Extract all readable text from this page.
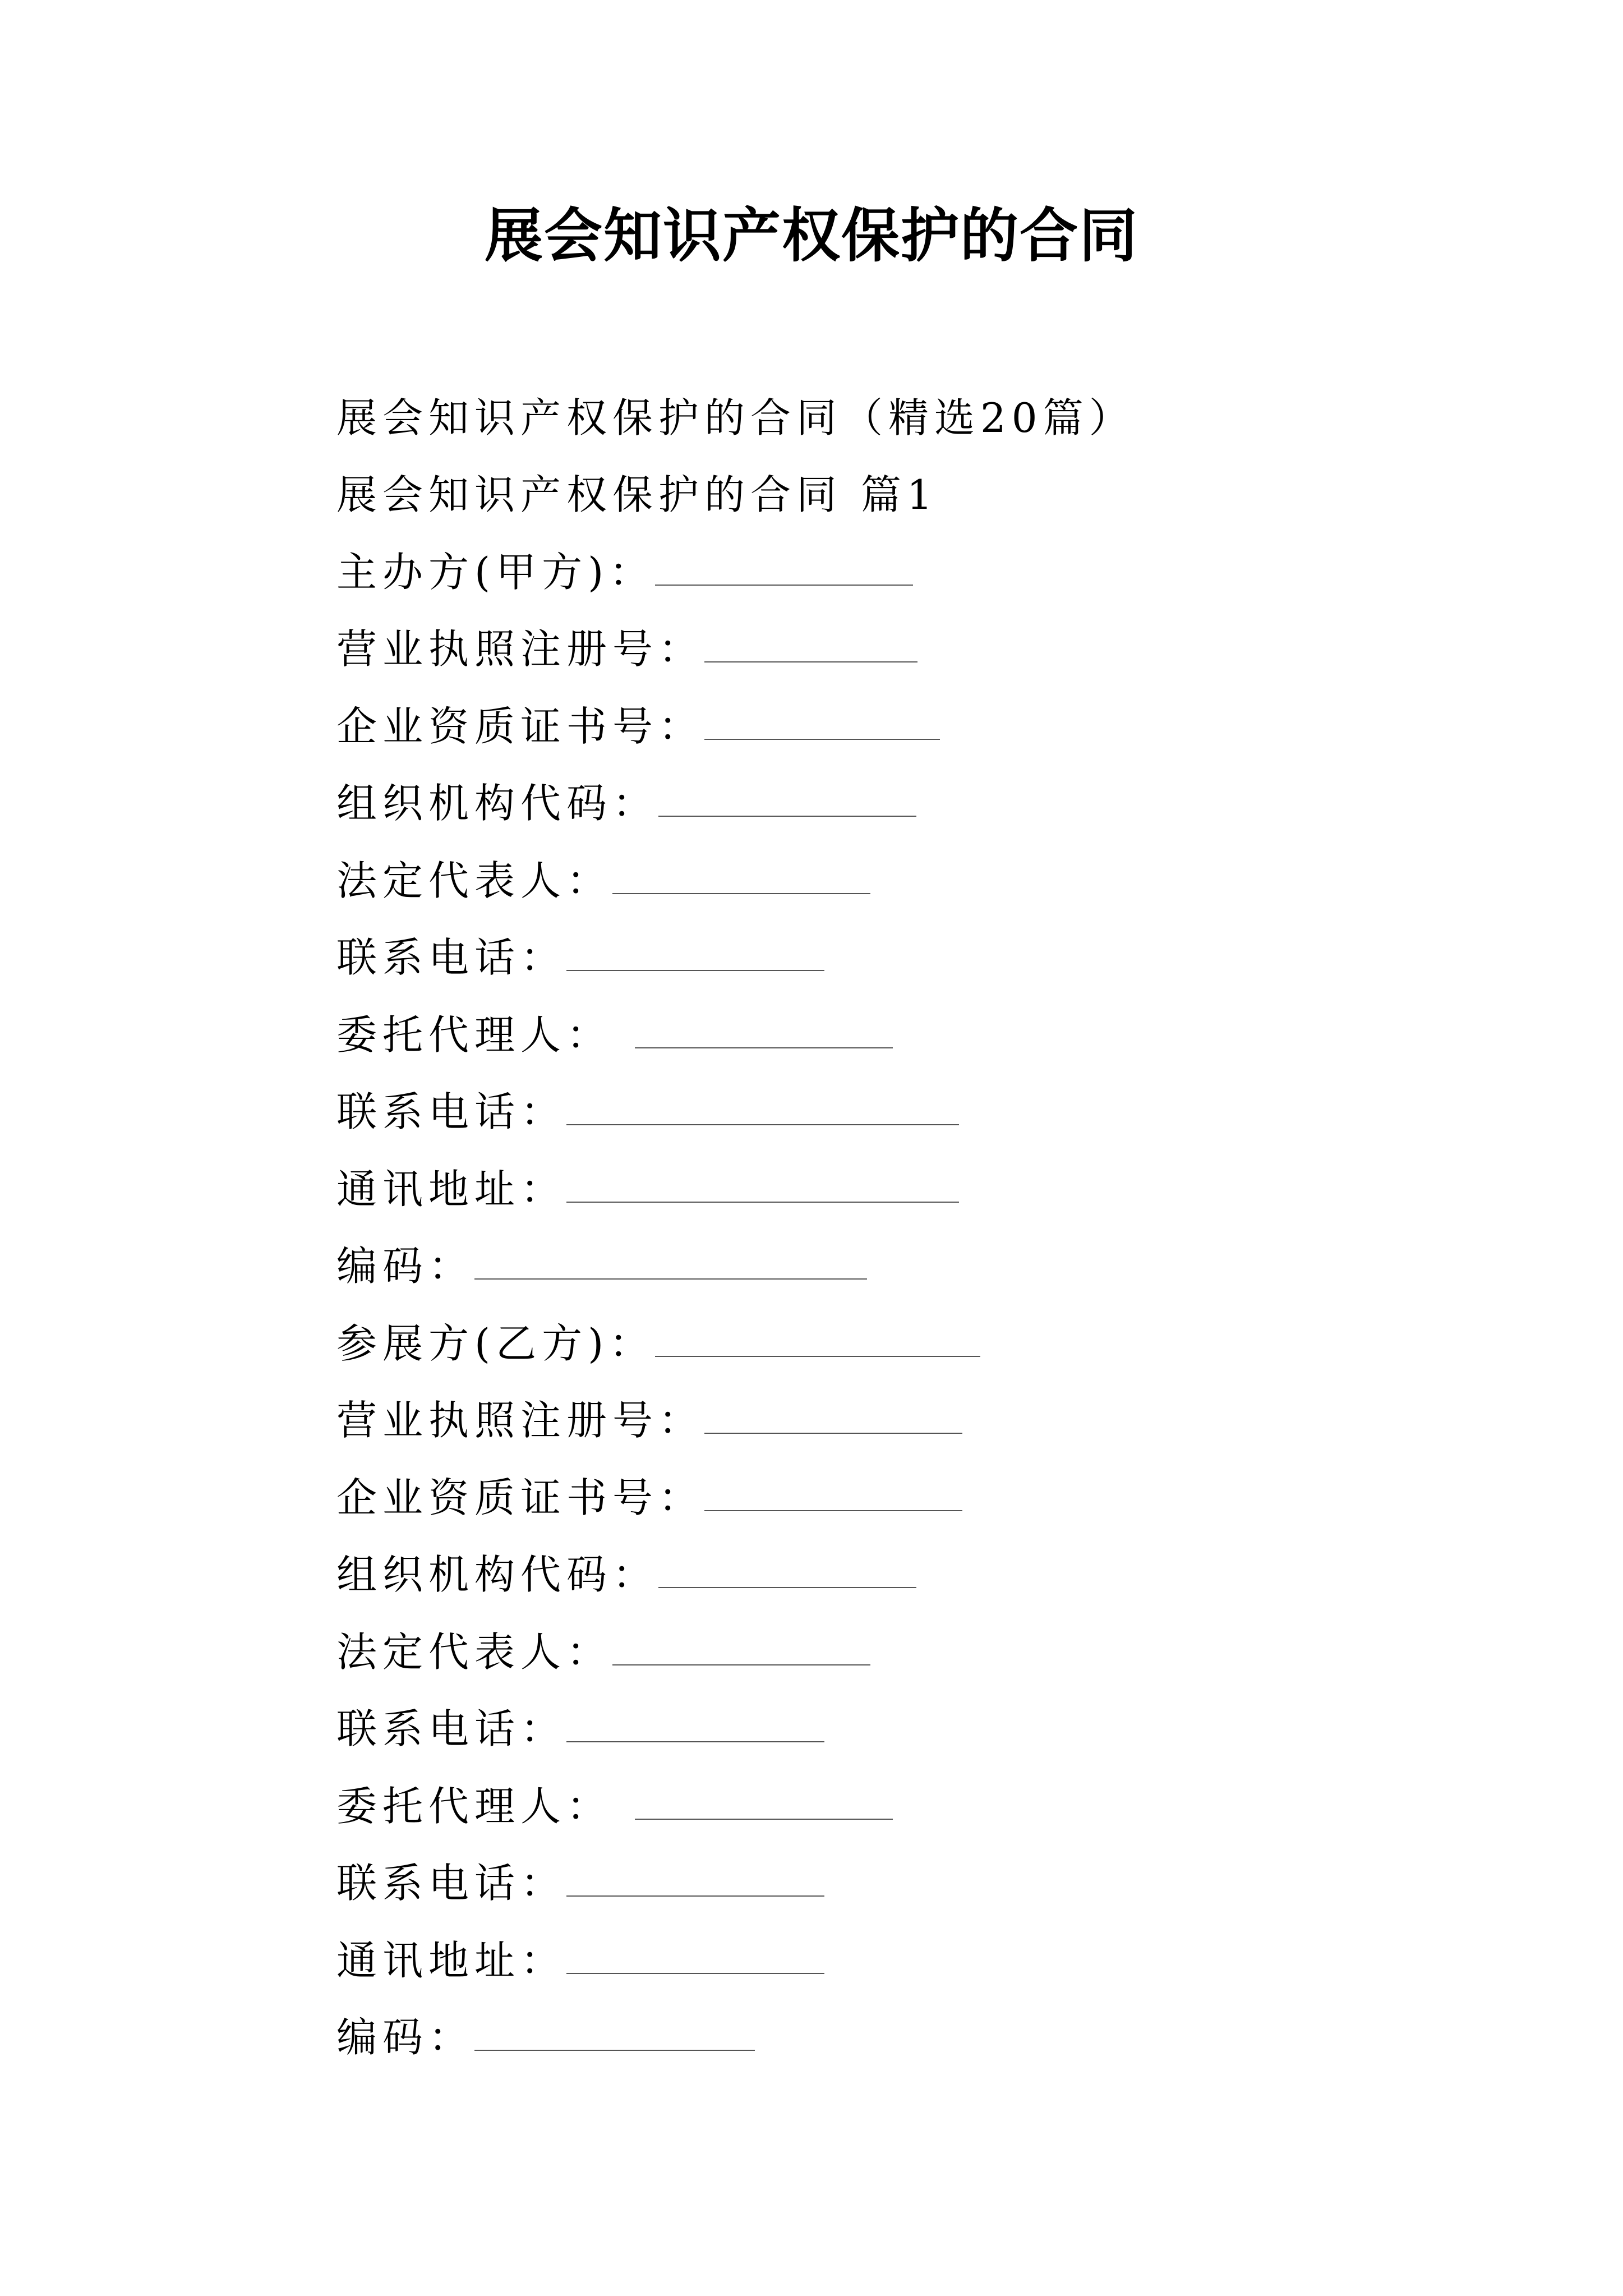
展会知识产权保护的合同
展会知识产权保护的合同（精选20篇）
展会知识产权保护的合同 篇1
主办方(甲方)：
营业执照注册号：
企业资质证书号：
组织机构代码：
法定代表人：
联系电话：
委托代理人：
联系电话：
通讯地址：
编码：
参展方(乙方)：
营业执照注册号：
企业资质证书号：
组织机构代码：
法定代表人：
联系电话：
委托代理人：
联系电话：
通讯地址：
编码：
